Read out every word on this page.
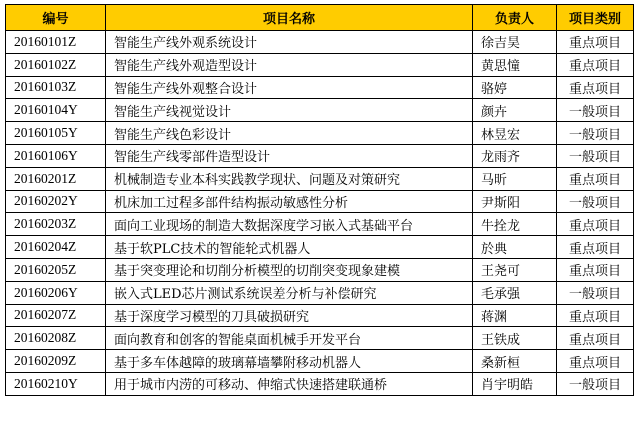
编号	项目名称	负责人	项目类别
20160101Z	智能生产线外观系统设计	徐吉昊	重点项目
20160102Z	智能生产线外观造型设计	黄思憧	重点项目
20160103Z	智能生产线外观整合设计	骆婷	重点项目
20160104Y	智能生产线视觉设计	颜卉	一般项目
20160105Y	智能生产线色彩设计	林昱宏	一般项目
20160106Y	智能生产线零部件造型设计	龙雨齐	一般项目
20160201Z	机械制造专业本科实践教学现状、问题及对策研究	马昕	重点项目
20160202Y	机床加工过程多部件结构振动敏感性分析	尹斯阳	一般项目
20160203Z	面向工业现场的制造大数据深度学习嵌入式基础平台	牛拴龙	重点项目
20160204Z	基于软PLC技术的智能轮式机器人	於典	重点项目
20160205Z	基于突变理论和切削分析模型的切削突变现象建模	王尧可	重点项目
20160206Y	嵌入式LED芯片测试系统误差分析与补偿研究	毛承强	一般项目
20160207Z	基于深度学习模型的刀具破损研究	蒋渊	重点项目
20160208Z	面向教育和创客的智能桌面机械手开发平台	王铁成	重点项目
20160209Z	基于多车体越障的玻璃幕墙攀附移动机器人	桑新桓	重点项目
20160210Y	用于城市内涝的可移动、伸缩式快速搭建联通桥	肖宇明皓	一般项目
